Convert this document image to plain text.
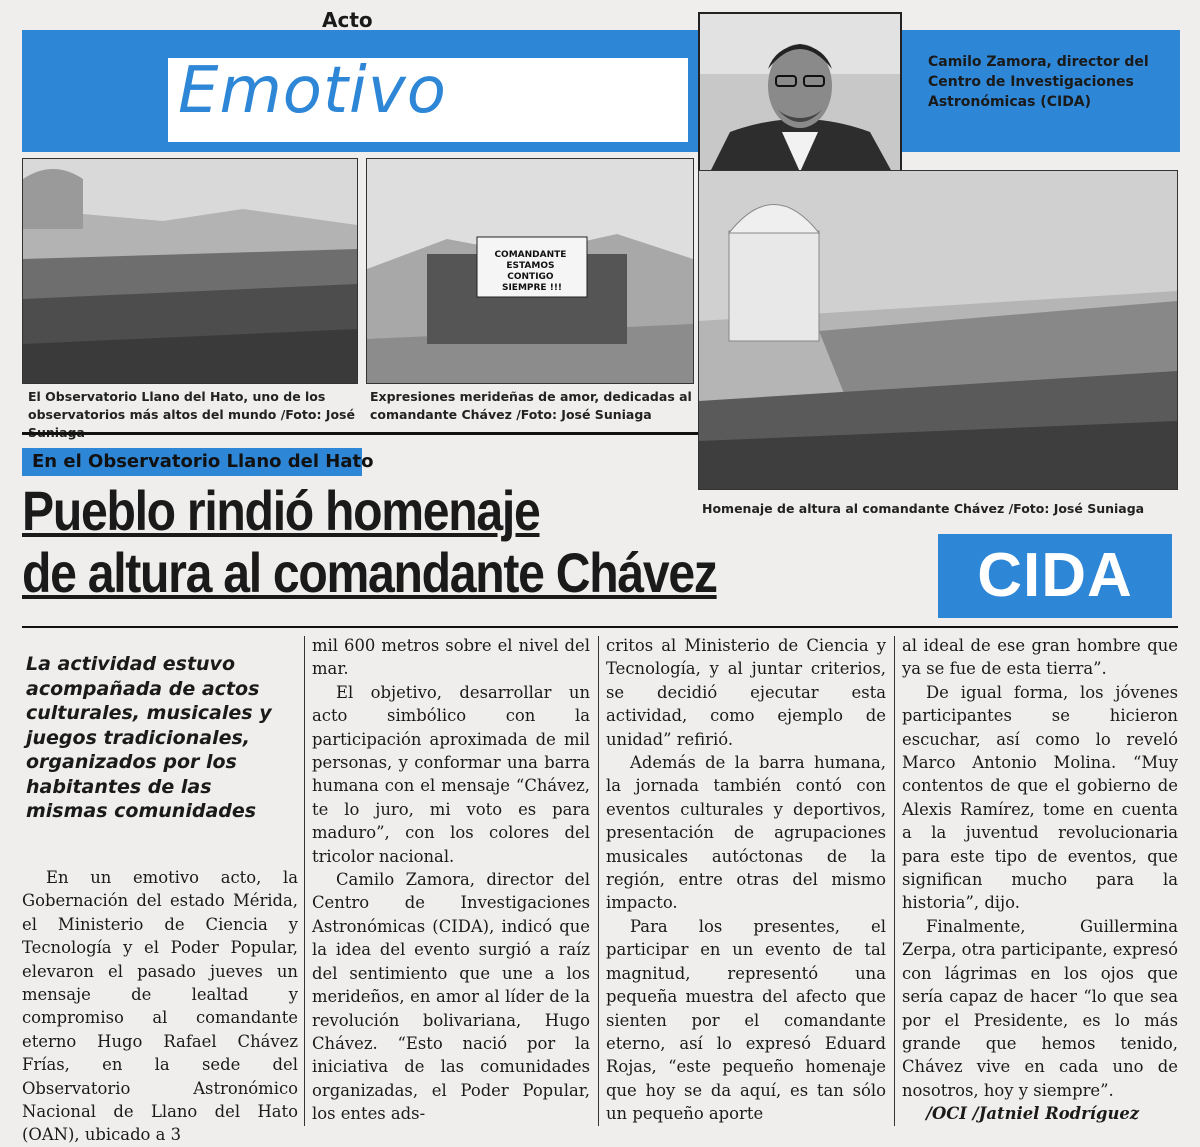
Acto
Emotivo	Camilo Zamora, director del Centro de Investigaciones Astronómicas (CIDA)
El Observatorio Llano del Hato, uno de los observatorios más altos del mundo /Foto: José
COMANDANTE ESTAMOS CONTIGO SIEMPRE !!!
Expresiones merideñas de amor, dedicadas al comandante Chávez /Foto: José Suniaga
Homenaje de altura al comandante Chávez /Foto: José Suniaga
En el Observatorio Llano del Hato
Pueblo rindió homenaje
de altura al comandante Chávez	CIDA
La actividad estuvo acompañada de actos culturales, musicales y juegos tradicionales, organizados por los habitantes de las mismas comunidades

En un emotivo acto, la Gobernación del estado Mérida, el Ministerio de Ciencia y Tecnología y el Poder Popular, elevaron el pasado jueves un mensaje de lealtad y compromiso al comandante eterno Hugo Rafael Chávez Frías, en la sede del Observatorio Astronómico Nacional de Llano del Hato (OAN), ubicado a 3

mil 600 metros sobre el nivel del mar.

El objetivo, desarrollar un acto simbólico con la participación aproximada de mil personas, y conformar una barra humana con el mensaje “Chávez, te lo juro, mi voto es para maduro”, con los colores del tricolor nacional.

Camilo Zamora, director del Centro de Investigaciones Astronómicas (CIDA), indicó que la idea del evento surgió a raíz del sentimiento que une a los merideños, en amor al líder de la revolución bolivariana, Hugo Chávez. “Esto nació por la iniciativa de las comunidades organizadas, el Poder Popular, los entes ads-

critos al Ministerio de Ciencia y Tecnología, y al juntar criterios, se decidió ejecutar esta actividad, como ejemplo de unidad” refirió.

Además de la barra humana, la jornada también contó con eventos culturales y deportivos, presentación de agrupaciones musicales autóctonas de la región, entre otras del mismo impacto.

Para los presentes, el participar en un evento de tal magnitud, representó una pequeña muestra del afecto que sienten por el comandante eterno, así lo expresó Eduard Rojas, “este pequeño homenaje que hoy se da aquí, es tan sólo un pequeño aporte

al ideal de ese gran hombre que ya se fue de esta tierra”.

De igual forma, los jóvenes participantes se hicieron escuchar, así como lo reveló Marco Antonio Molina. “Muy contentos de que el gobierno de Alexis Ramírez, tome en cuenta a la juventud revolucionaria para este tipo de eventos, que significan mucho para la historia”, dijo.

Finalmente, Guillermina Zerpa, otra participante, expresó con lágrimas en los ojos que sería capaz de hacer “lo que sea por el Presidente, es lo más grande que hemos tenido, Chávez vive en cada uno de nosotros, hoy y siempre”.

/OCI /Jatniel Rodríguez
